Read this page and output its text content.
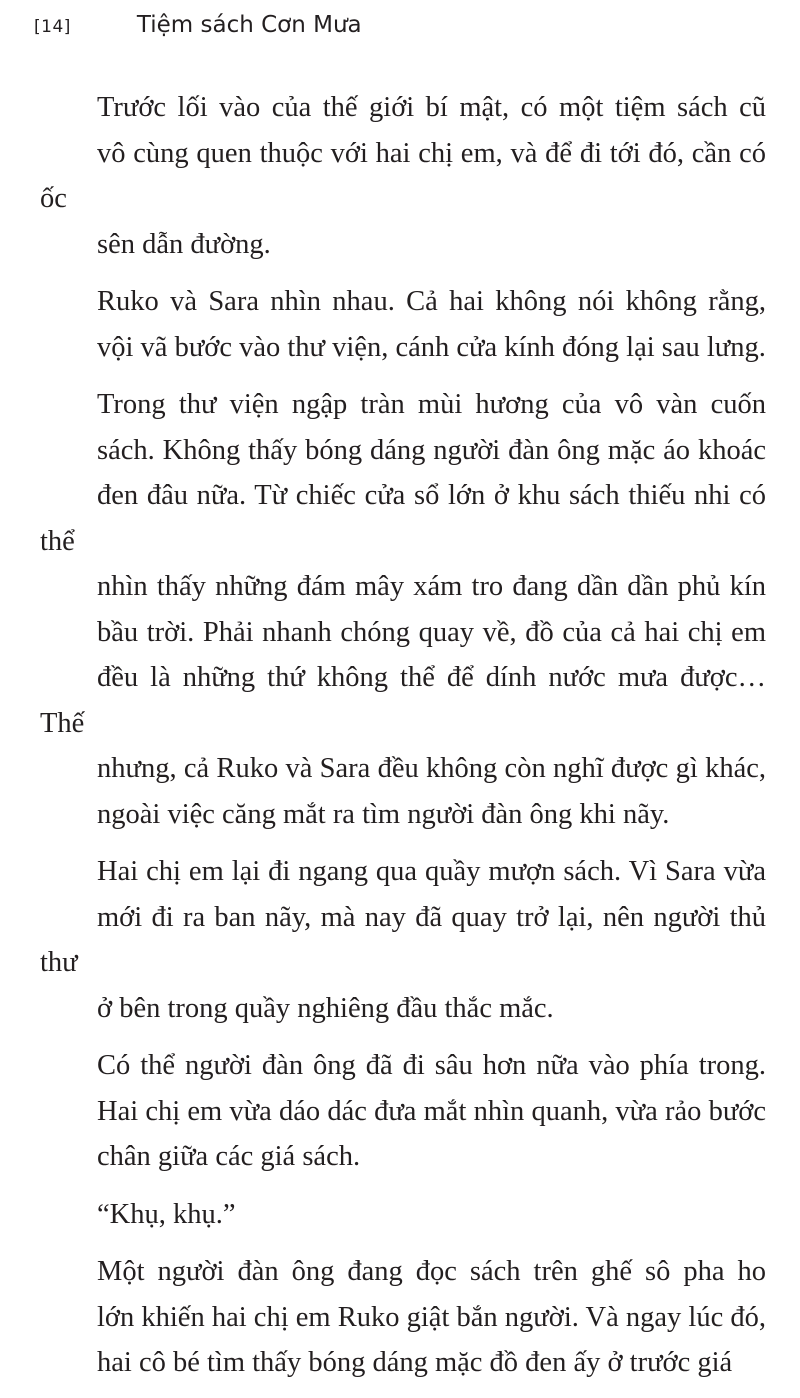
[14]	Tiệm sách Cơn Mưa

Trước lối vào của thế giới bí mật, có một tiệm sách cũ
vô cùng quen thuộc với hai chị em, và để đi tới đó, cần có ốc
sên dẫn đường.

Ruko và Sara nhìn nhau. Cả hai không nói không rằng,
vội vã bước vào thư viện, cánh cửa kính đóng lại sau lưng.

Trong thư viện ngập tràn mùi hương của vô vàn cuốn
sách. Không thấy bóng dáng người đàn ông mặc áo khoác
đen đâu nữa. Từ chiếc cửa sổ lớn ở khu sách thiếu nhi có thể
nhìn thấy những đám mây xám tro đang dần dần phủ kín
bầu trời. Phải nhanh chóng quay về, đồ của cả hai chị em
đều là những thứ không thể để dính nước mưa được… Thế
nhưng, cả Ruko và Sara đều không còn nghĩ được gì khác,
ngoài việc căng mắt ra tìm người đàn ông khi nãy.

Hai chị em lại đi ngang qua quầy mượn sách. Vì Sara vừa
mới đi ra ban nãy, mà nay đã quay trở lại, nên người thủ thư
ở bên trong quầy nghiêng đầu thắc mắc.

Có thể người đàn ông đã đi sâu hơn nữa vào phía trong.
Hai chị em vừa dáo dác đưa mắt nhìn quanh, vừa rảo bước
chân giữa các giá sách.

“Khụ, khụ.”

Một người đàn ông đang đọc sách trên ghế sô pha ho
lớn khiến hai chị em Ruko giật bắn người. Và ngay lúc đó,
hai cô bé tìm thấy bóng dáng mặc đồ đen ấy ở trước giá
